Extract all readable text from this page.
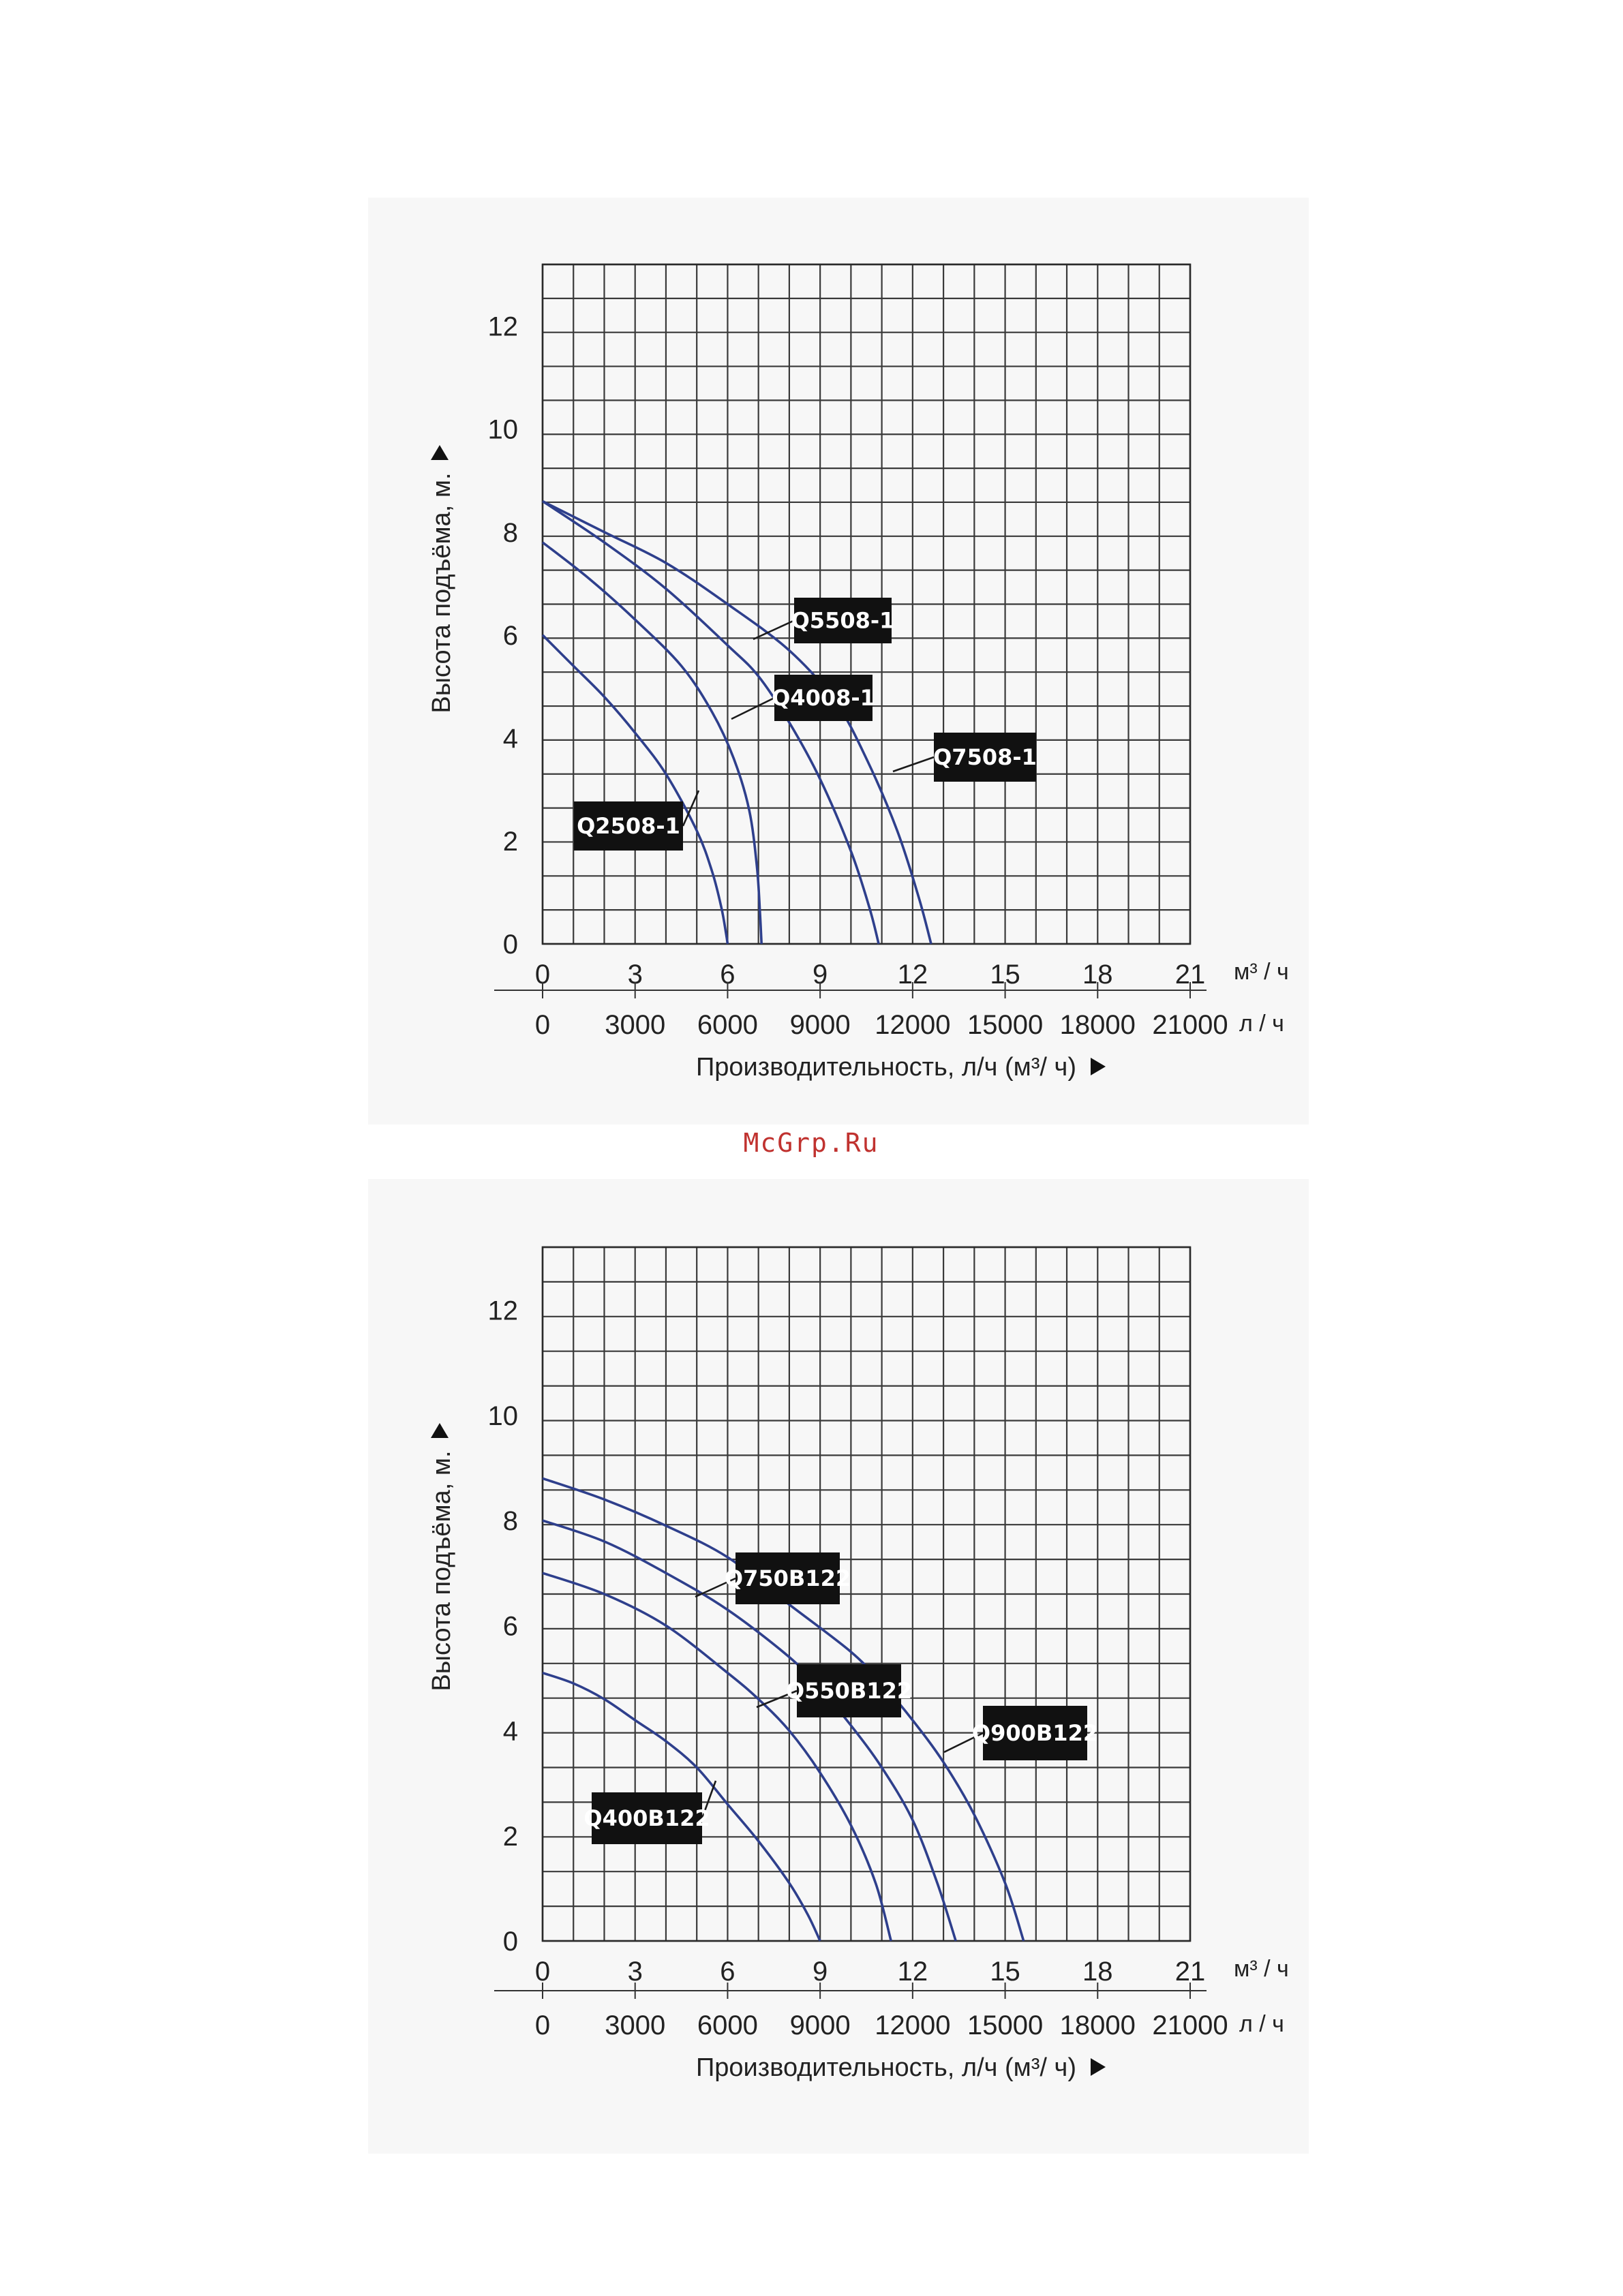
McGrp.Ru
0
2
4
6
8
10
12
0	3	6	9	12 15 18 21 м³ / ч
0 3000 6000 9000 12000 15000 18000 21000 л / ч
Производительность, л/ч (м³/ ч)
Высота подъёма, м.	Q5508-1
Q4008-1
Q7508-1
Q2508-1
0
2
4
6
8
10
12
0	3	6	9	12 15 18 21 м³ / ч
0 3000 6000 9000 12000 15000 18000 21000 л / ч
Производительность, л/ч (м³/ ч)
Высота подъёма, м.	Q750B122
Q550B122
Q900B122
Q400B122
